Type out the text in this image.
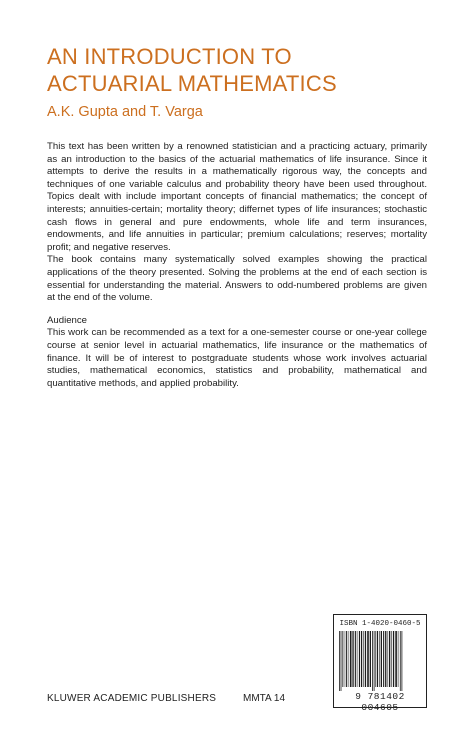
AN INTRODUCTION TO
ACTUARIAL MATHEMATICS
A.K. Gupta and T. Varga

This text has been written by a renowned statistician and a practicing actuary, primarily as an introduction to the basics of the actuarial mathematics of life insurance. Since it attempts to derive the results in a mathematically rigorous way, the concepts and techniques of one variable calculus and probability theory have been used throughout. Topics dealt with include important concepts of financial mathematics; the concept of interests; annuities-certain; mortality theory; differnet types of life insurances; stochastic cash flows in general and pure endowments, whole life and term insurances, endowments, and life annuities in particular; premium calculations; reserves; mortality profit; and negative reserves.

The book contains many systematically solved examples showing the practical applications of the theory presented. Solving the problems at the end of each section is essential for understanding the material. Answers to odd-numbered problems are given at the end of the volume.

Audience

This work can be recommended as a text for a one-semester course or one-year college course at senior level in actuarial mathematics, life insurance or the mathematics of finance. It will be of interest to postgraduate students whose work involves actuarial studies, mathematical economics, statistics and probability, mathematical and quantitative methods, and applied probability.

ISBN 1-4020-0460-5
9 781402 004605
KLUWER ACADEMIC PUBLISHERS	MMTA 14
